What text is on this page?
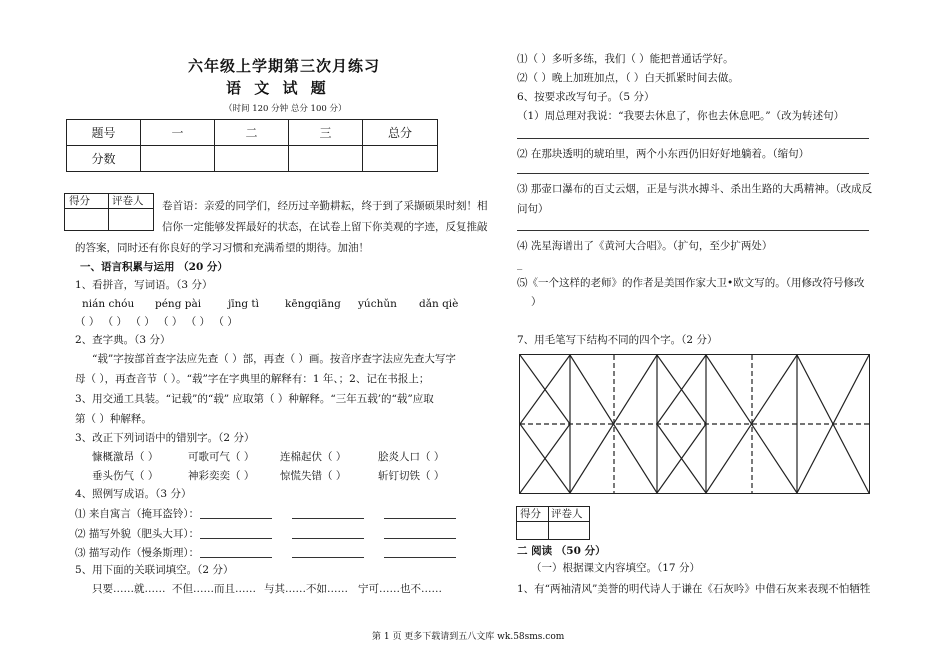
六年级上学期第三次月练习
语 文 试 题
（时间 120 分钟 总分 100 分）
题号	一	二	三	总分
分数				
得分 评卷人 卷首语：亲爱的同学们，经历过辛勤耕耘，终于到了采撷硕果时刻！相
信你一定能够发挥最好的状态，在试卷上留下你美观的字迹，反复推敲
的答案，同时还有你良好的学习习惯和充满希望的期待。加油！
一、语言积累与运用 （20 分）
1、看拼音，写词语。（3 分）
nián chóu péng pài	jīng tì kēngqiāng yúchǔn dǎn qiè
（ ） （ ） （ ） （ ） （ ） （ ）
2、查字典。（3 分）
“载”字按部首查字法应先查（ ）部，再查（ ）画。按音序查字法应先查大写字
母（ ），再查音节（ ）。“载”字在字典里的解释有：1 年、；2、记在书报上；
3、用交通工具装。“记载”的“载” 应取第（ ）种解释。“三年五载’的“载”应取
第（ ）种解释。
3、改正下列词语中的错别字。（2 分）
慷概激昂（ ）	可歌可气（ ） 连棉起伏（ ）	脍炎人口（ ）
垂头伤气（ ）	神彩奕奕（ ） 惊慌失错（ ）	斩钉切铁（ ）
4、照例写成语。（3 分）
⑴ 来自寓言（掩耳盗铃）：
⑵ 描写外貌（肥头大耳）：
⑶ 描写动作（慢条斯理）：
5、用下面的关联词填空。（2 分）
只要……就…… 不但……而且…… 与其……不如…… 宁可……也不……
⑴（ ）多听多练，我们（ ）能把普通话学好。
⑵（ ）晚上加班加点，（ ）白天抓紧时间去做。
6、按要求改写句子。（5 分）
（1）周总理对我说：“我要去休息了，你也去休息吧。”（改为转述句）
⑵ 在那块透明的琥珀里，两个小东西仍旧好好地躺着。（缩句）
⑶ 那壶口瀑布的百丈云烟，正是与洪水搏斗、杀出生路的大禹精神。（改成反
问句）
⑷ 冼星海谱出了《黄河大合唱》。（扩句，至少扩两处）
_
⑸《一个这样的老师》的作者是美国作家大卫•欧文写的。（用修改符号修改
）
7、用毛笔写下结构不同的四个字。（2 分）
得分 评卷人
二 阅读 （50 分）
（一）根据课文内容填空。（17 分）
1、有“两袖清风”美誉的明代诗人于谦在《石灰吟》中借石灰来表现不怕牺牲
第 1 页 更多下载请到五八文库 wk.58sms.com
